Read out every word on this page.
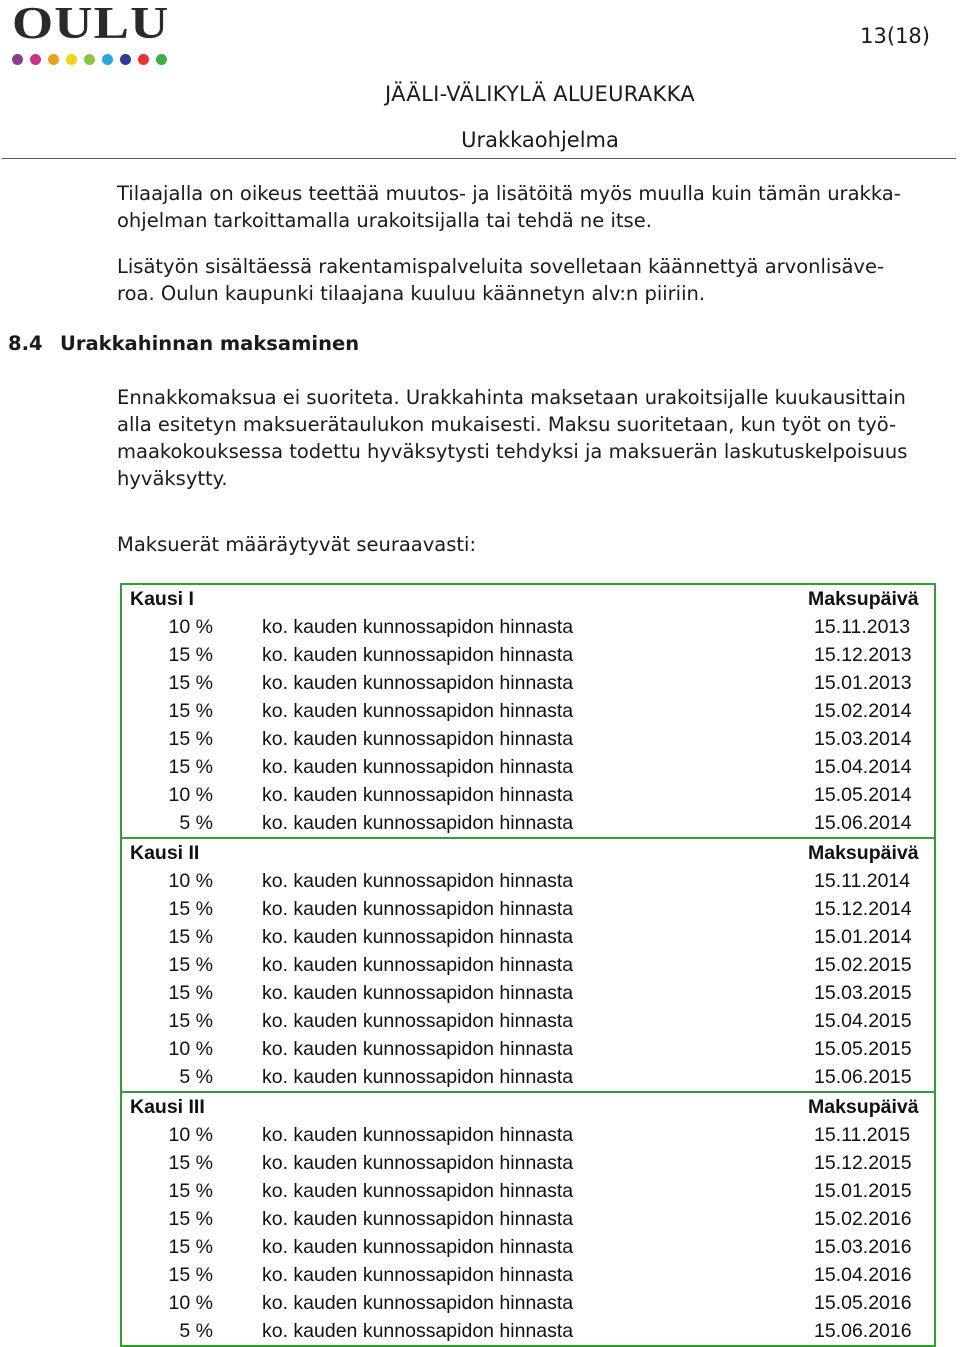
OULU	13(18)
JÄÄLI-VÄLIKYLÄ ALUEURAKKA
Urakkaohjelma
Tilaajalla on oikeus teettää muutos- ja lisätöitä myös muulla kuin tämän urakka-
ohjelman tarkoittamalla urakoitsijalla tai tehdä ne itse.
Lisätyön sisältäessä rakentamispalveluita sovelletaan käännettyä arvonlisäve-
roa. Oulun kaupunki tilaajana kuuluu käännetyn alv:n piiriin.
8.4 Urakkahinnan maksaminen
Ennakkomaksua ei suoriteta. Urakkahinta maksetaan urakoitsijalle kuukausittain
alla esitetyn maksuerätaulukon mukaisesti. Maksu suoritetaan, kun työt on työ-
maakokouksessa todettu hyväksytysti tehdyksi ja maksuerän laskutuskelpoisuus
hyväksytty.
Maksuerät määräytyvät seuraavasti:
Kausi I		Maksupäivä
10 %	ko. kauden kunnossapidon hinnasta	15.11.2013
15 %	ko. kauden kunnossapidon hinnasta	15.12.2013
15 %	ko. kauden kunnossapidon hinnasta	15.01.2013
15 %	ko. kauden kunnossapidon hinnasta	15.02.2014
15 %	ko. kauden kunnossapidon hinnasta	15.03.2014
15 %	ko. kauden kunnossapidon hinnasta	15.04.2014
10 %	ko. kauden kunnossapidon hinnasta	15.05.2014
5 %	ko. kauden kunnossapidon hinnasta	15.06.2014
Kausi II		Maksupäivä
10 %	ko. kauden kunnossapidon hinnasta	15.11.2014
15 %	ko. kauden kunnossapidon hinnasta	15.12.2014
15 %	ko. kauden kunnossapidon hinnasta	15.01.2014
15 %	ko. kauden kunnossapidon hinnasta	15.02.2015
15 %	ko. kauden kunnossapidon hinnasta	15.03.2015
15 %	ko. kauden kunnossapidon hinnasta	15.04.2015
10 %	ko. kauden kunnossapidon hinnasta	15.05.2015
5 %	ko. kauden kunnossapidon hinnasta	15.06.2015
Kausi III		Maksupäivä
10 %	ko. kauden kunnossapidon hinnasta	15.11.2015
15 %	ko. kauden kunnossapidon hinnasta	15.12.2015
15 %	ko. kauden kunnossapidon hinnasta	15.01.2015
15 %	ko. kauden kunnossapidon hinnasta	15.02.2016
15 %	ko. kauden kunnossapidon hinnasta	15.03.2016
15 %	ko. kauden kunnossapidon hinnasta	15.04.2016
10 %	ko. kauden kunnossapidon hinnasta	15.05.2016
5 %	ko. kauden kunnossapidon hinnasta	15.06.2016
